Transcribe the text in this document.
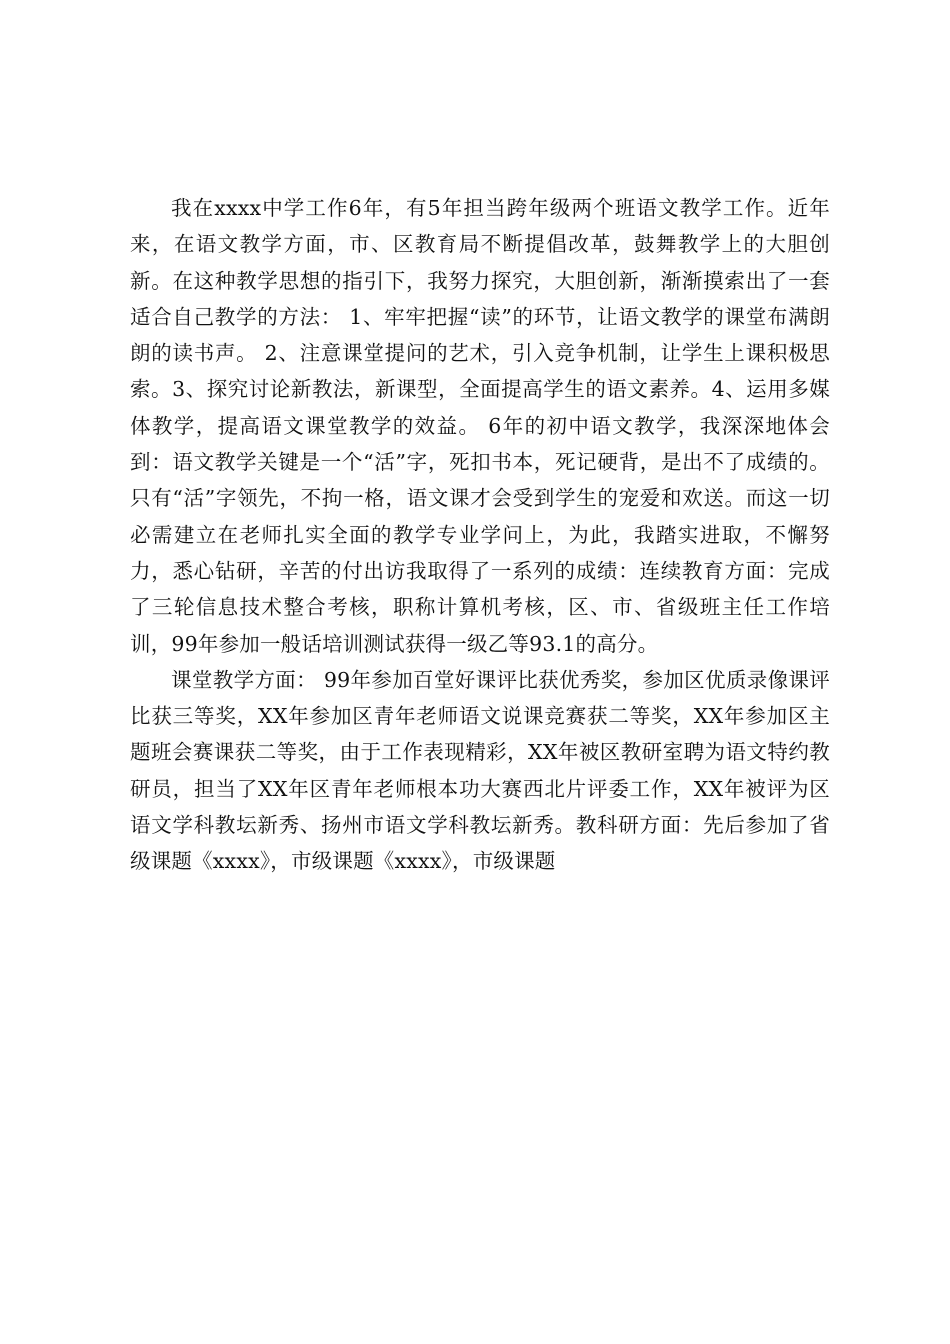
我在xxxx中学工作6年，有5年担当跨年级两个班语文教学工作。近年来，在语文教学方面，市、区教育局不断提倡改革，鼓舞教学上的大胆创新。在这种教学思想的指引下，我努力探究，大胆创新，渐渐摸索出了一套适合自己教学的方法： 1、牢牢把握“读”的环节，让语文教学的课堂布满朗朗的读书声。 2、注意课堂提问的艺术，引入竞争机制，让学生上课积极思索。3、探究讨论新教法，新课型，全面提高学生的语文素养。4、运用多媒体教学，提高语文课堂教学的效益。 6年的初中语文教学，我深深地体会到：语文教学关键是一个“活”字，死扣书本，死记硬背，是出不了成绩的。只有“活”字领先，不拘一格，语文课才会受到学生的宠爱和欢送。而这一切必需建立在老师扎实全面的教学专业学问上，为此，我踏实进取，不懈努力，悉心钻研，辛苦的付出访我取得了一系列的成绩：连续教育方面：完成了三轮信息技术整合考核，职称计算机考核，区、市、省级班主任工作培训，99年参加一般话培训测试获得一级乙等93.1的高分。

课堂教学方面： 99年参加百堂好课评比获优秀奖，参加区优质录像课评比获三等奖，XX年参加区青年老师语文说课竞赛获二等奖，XX年参加区主题班会赛课获二等奖，由于工作表现精彩，XX年被区教研室聘为语文特约教研员，担当了XX年区青年老师根本功大赛西北片评委工作，XX年被评为区语文学科教坛新秀、扬州市语文学科教坛新秀。教科研方面：先后参加了省级课题《xxxx》，市级课题《xxxx》，市级课题
